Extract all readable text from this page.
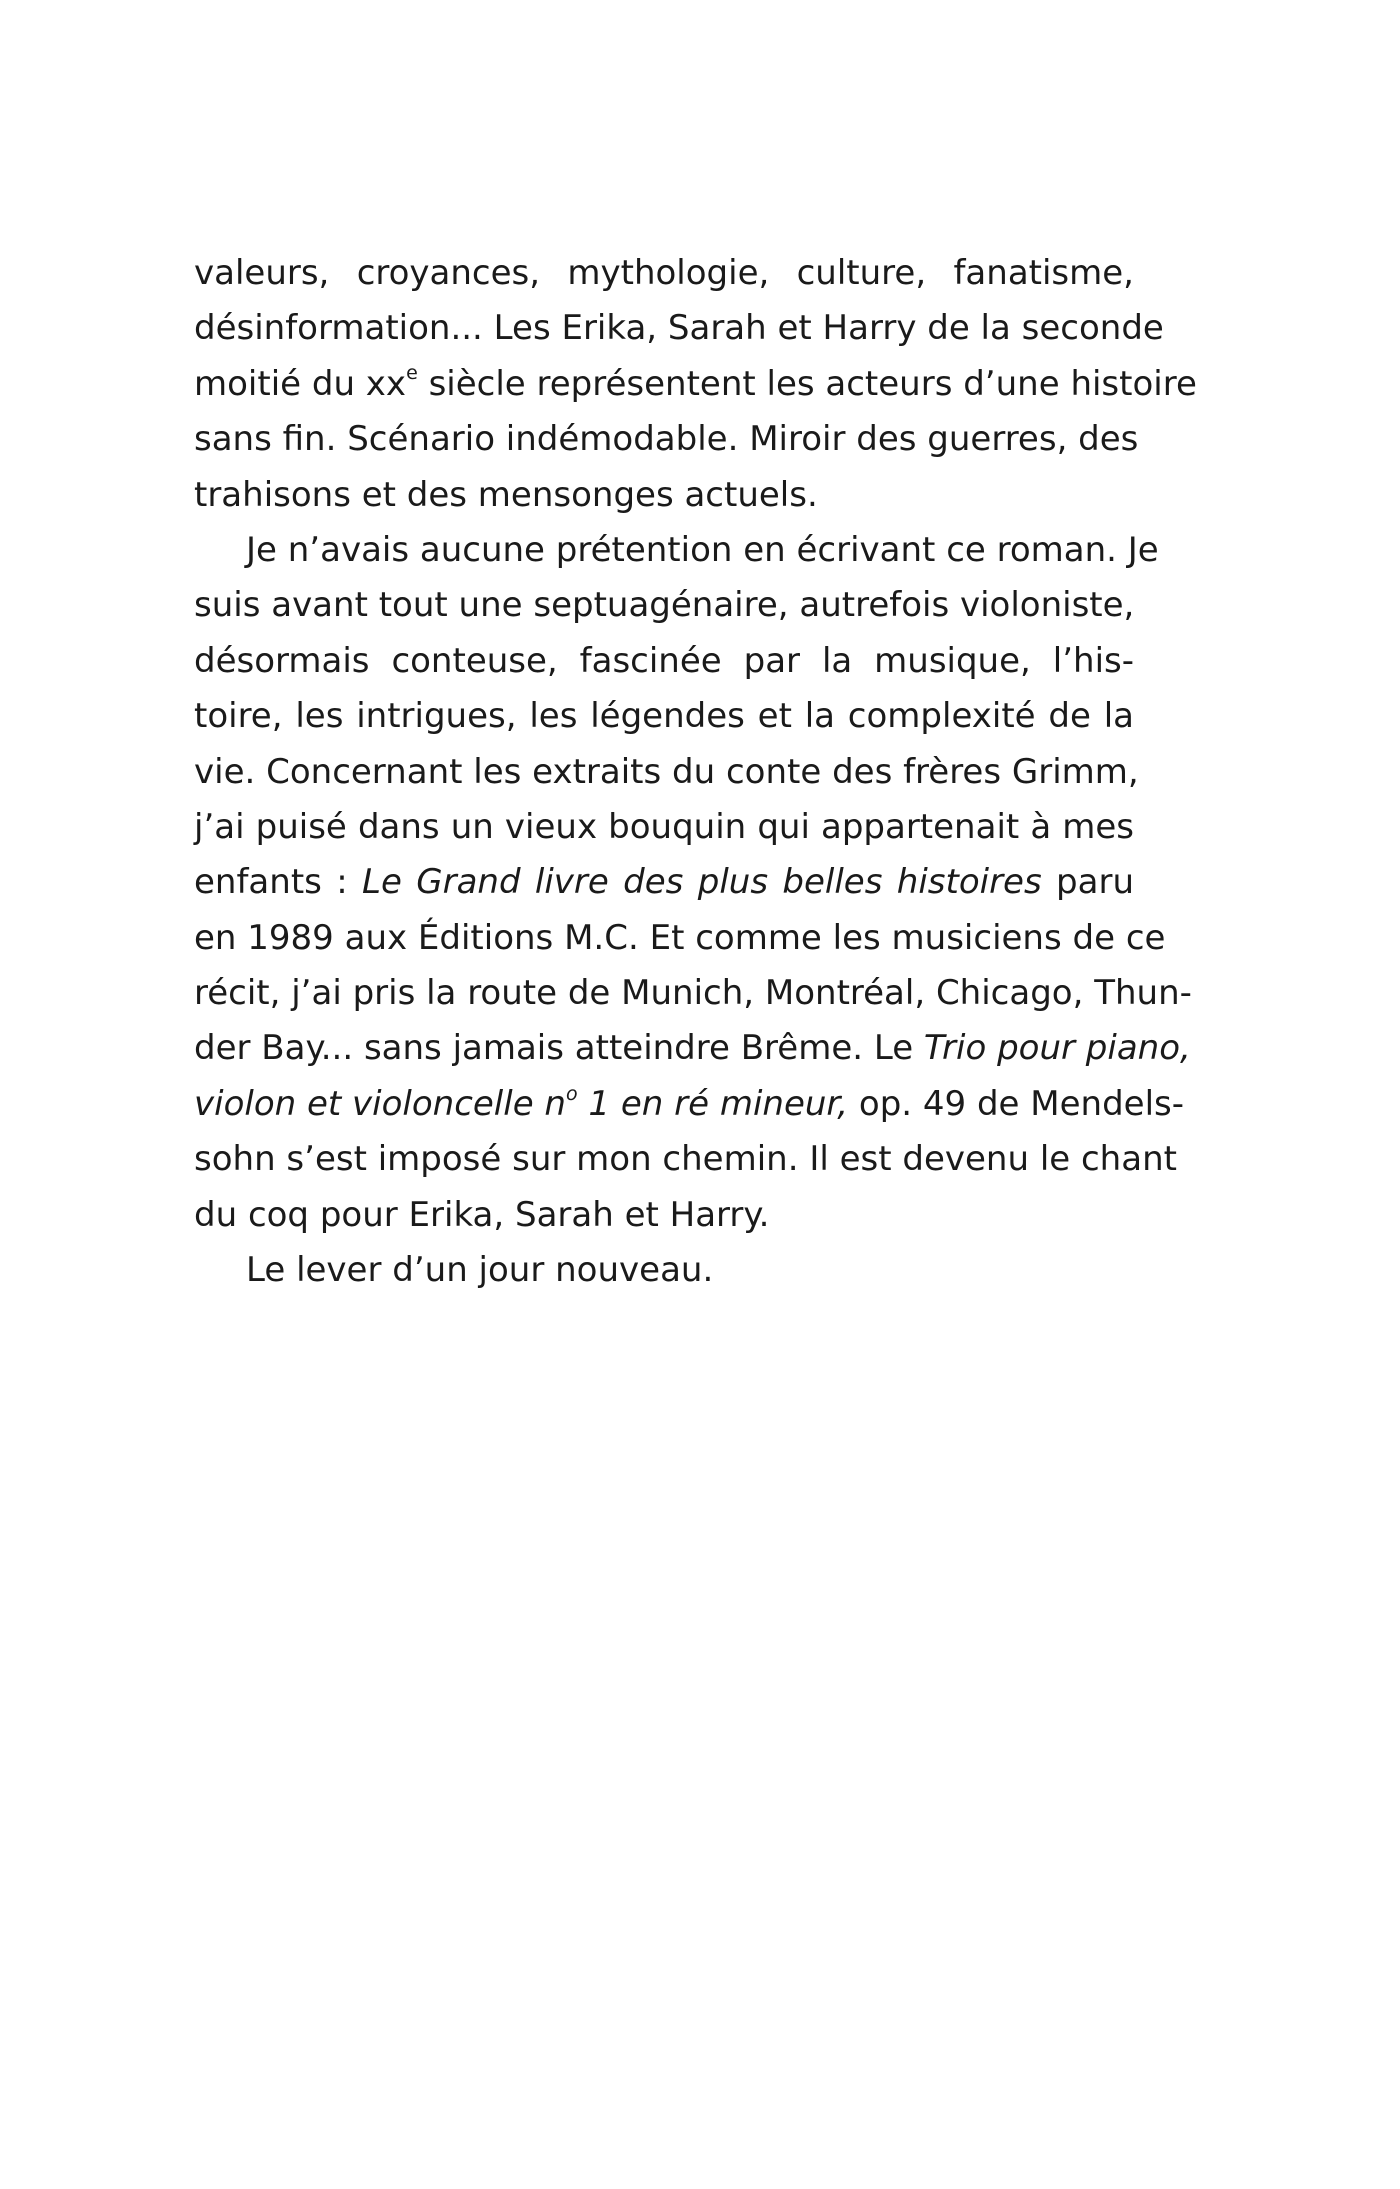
valeurs, croyances, mythologie, culture, fanatisme,
désinformation... Les Erika, Sarah et Harry de la seconde
moitié du $xx^e$ siècle représentent les acteurs d’une histoire
sans fin. Scénario indémodable. Miroir des guerres, des
trahisons et des mensonges actuels.
Je n’avais aucune prétention en écrivant ce roman. Je
suis avant tout une septuagénaire, autrefois violoniste,
désormais conteuse, fascinée par la musique, l’his-
toire, les intrigues, les légendes et la complexité de la
vie. Concernant les extraits du conte des frères Grimm,
j’ai puisé dans un vieux bouquin qui appartenait à mes
enfants : Le Grand livre des plus belles histoires paru
en 1989 aux Éditions M.C. Et comme les musiciens de ce
récit, j’ai pris la route de Munich, Montréal, Chicago, Thun-
der Bay... sans jamais atteindre Brême. Le Trio pour piano,
violon et violoncelle $n^o$ 1 en ré mineur, op. 49 de Mendels-
sohn s’est imposé sur mon chemin. Il est devenu le chant
du coq pour Erika, Sarah et Harry.
Le lever d’un jour nouveau.
